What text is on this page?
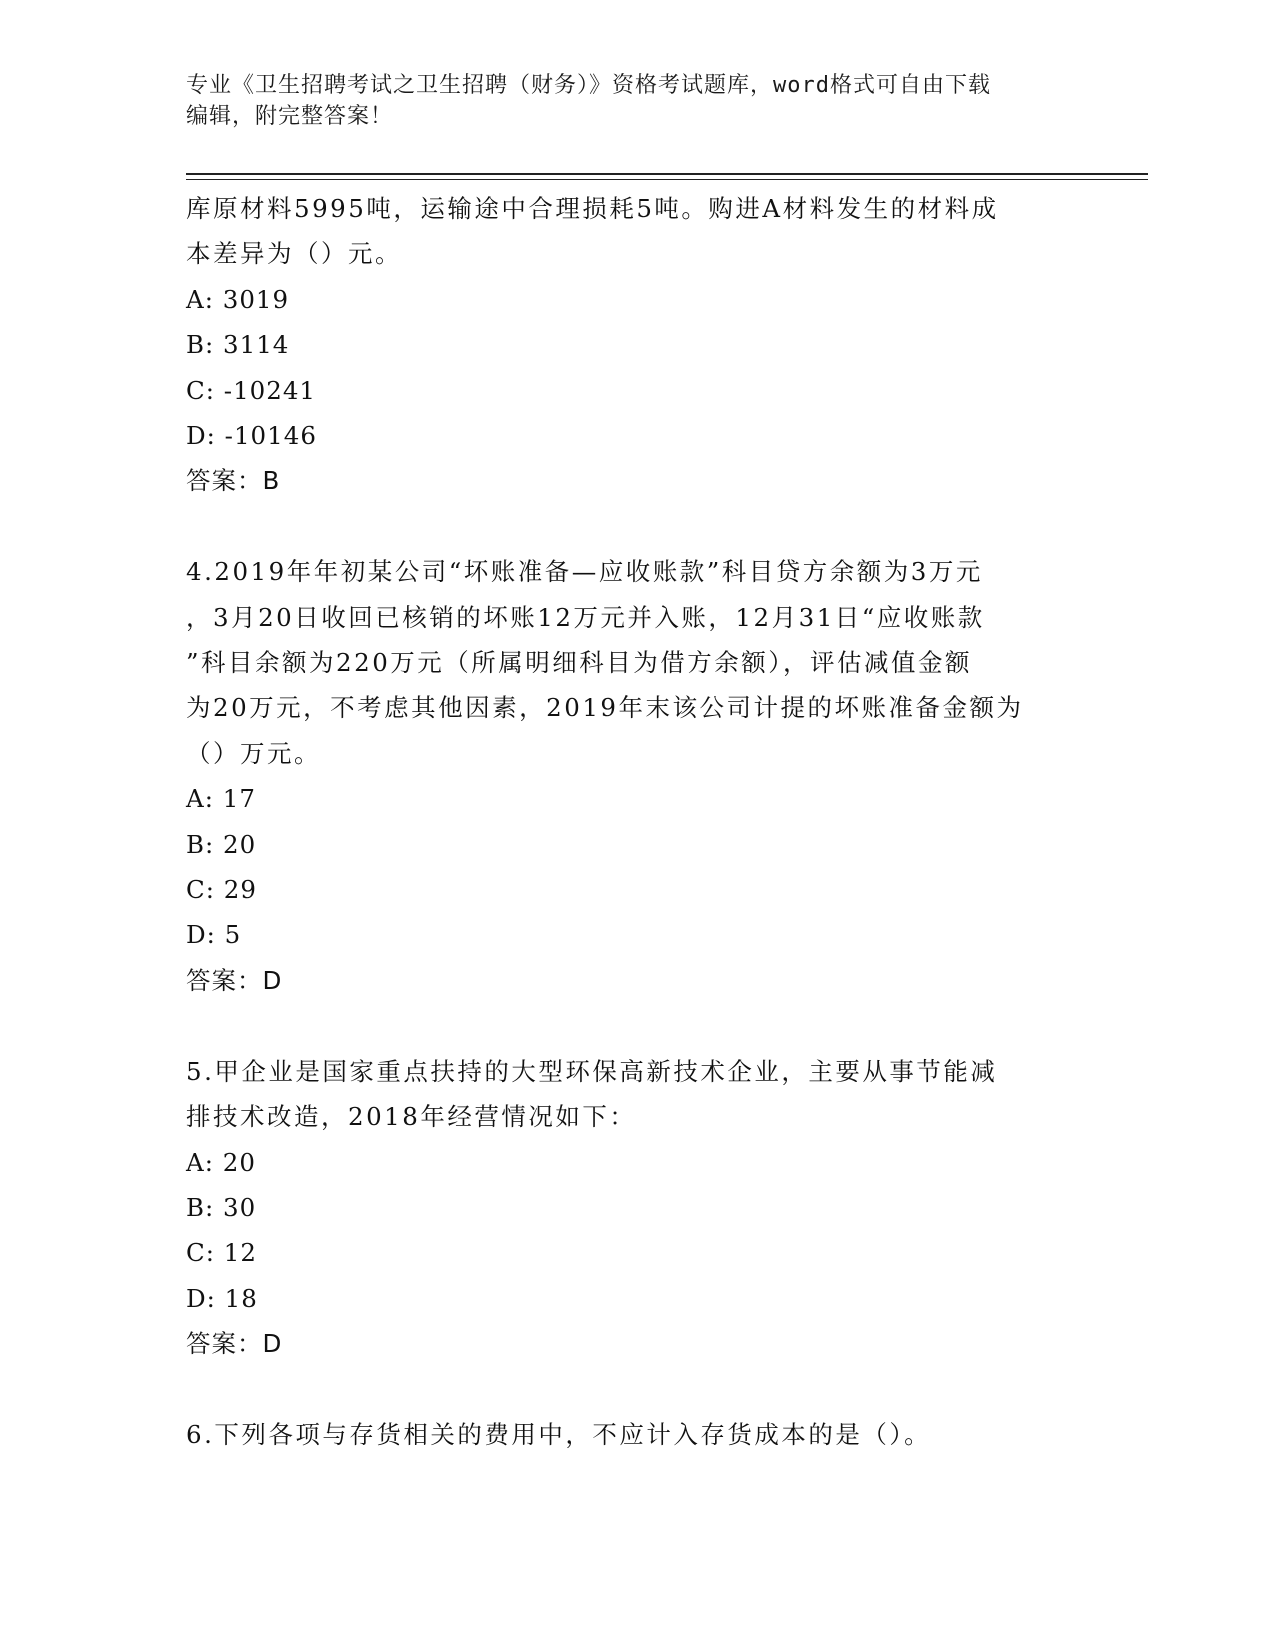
专业《卫生招聘考试之卫生招聘（财务）》资格考试题库，word格式可自由下载
编辑，附完整答案！
库原材料5995吨，运输途中合理损耗5吨。购进A材料发生的材料成
本差异为（）元。
A: 3019
B: 3114
C: -10241
D: -10146
答案：B
4.2019年年初某公司“坏账准备—应收账款”科目贷方余额为3万元
，3月20日收回已核销的坏账12万元并入账，12月31日“应收账款
”科目余额为220万元（所属明细科目为借方余额），评估减值金额
为20万元，不考虑其他因素，2019年末该公司计提的坏账准备金额为
（）万元。
A: 17
B: 20
C: 29
D: 5
答案：D
5.甲企业是国家重点扶持的大型环保高新技术企业，主要从事节能减
排技术改造，2018年经营情况如下：
A: 20
B: 30
C: 12
D: 18
答案：D
6.下列各项与存货相关的费用中，不应计入存货成本的是（）。
